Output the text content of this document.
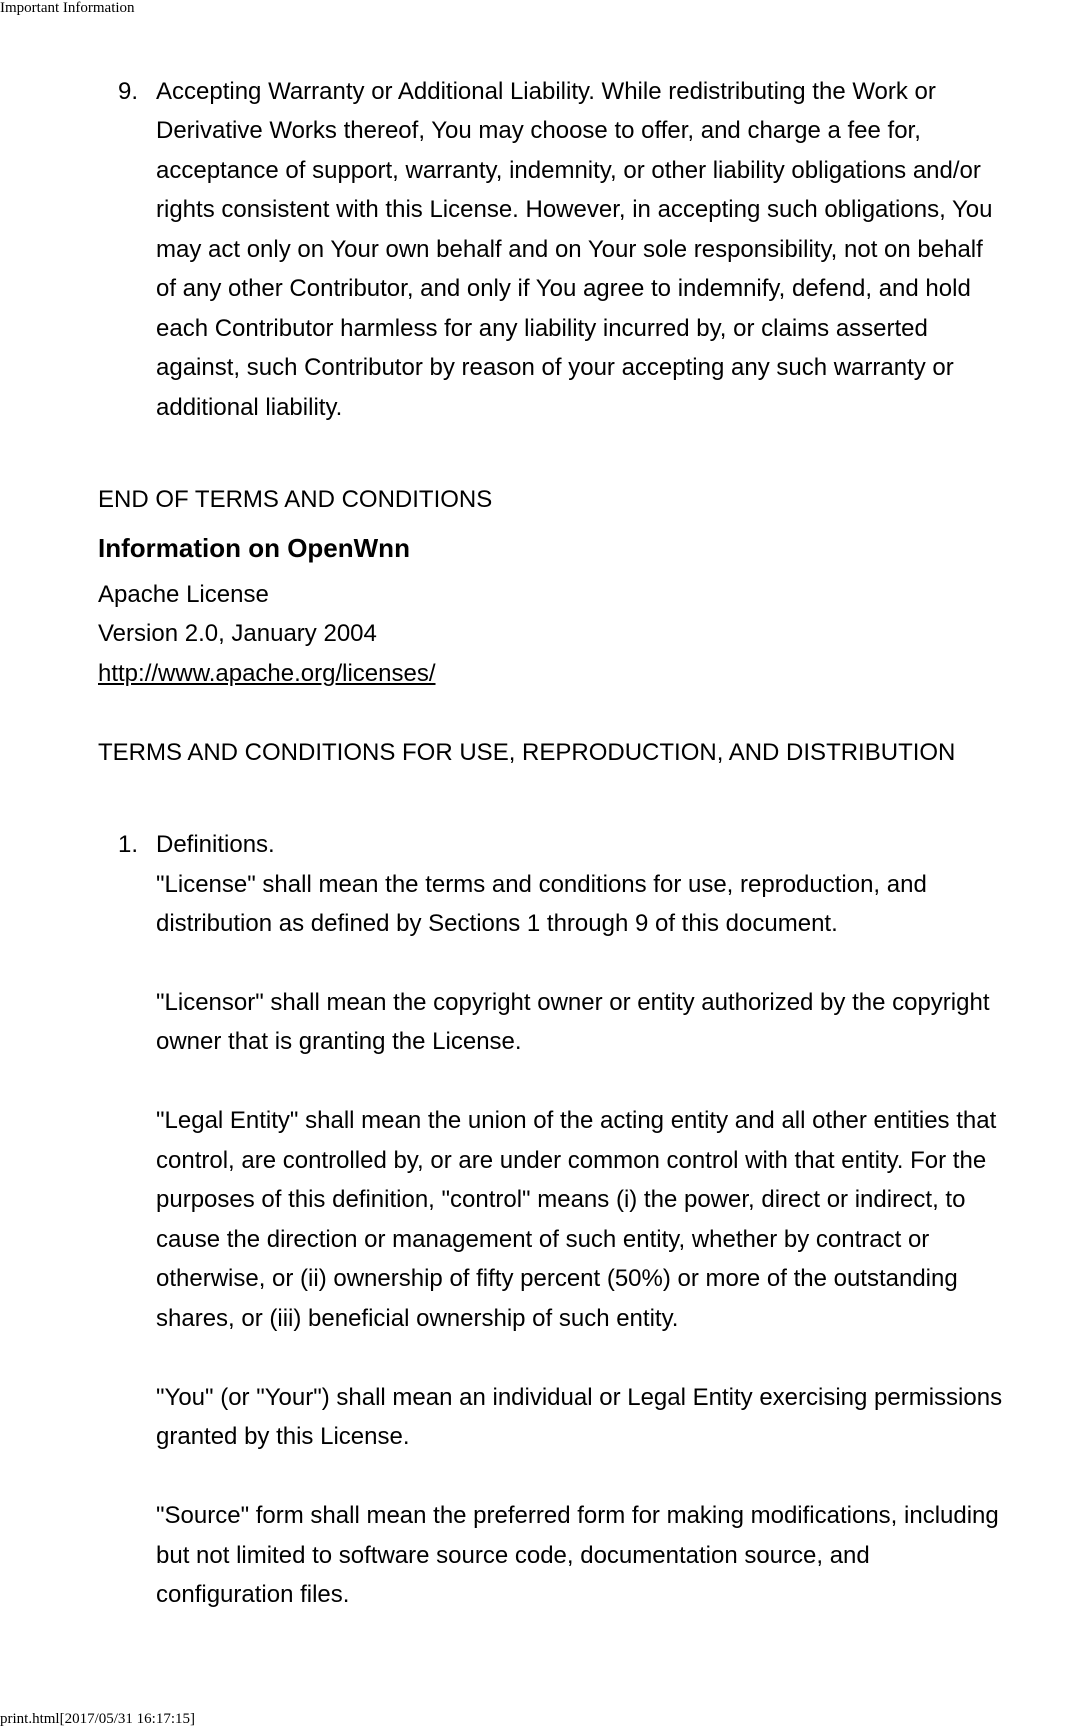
Important Information
9. Accepting Warranty or Additional Liability. While redistributing the Work or
Derivative Works thereof, You may choose to offer, and charge a fee for,
acceptance of support, warranty, indemnity, or other liability obligations and/or
rights consistent with this License. However, in accepting such obligations, You
may act only on Your own behalf and on Your sole responsibility, not on behalf
of any other Contributor, and only if You agree to indemnify, defend, and hold
each Contributor harmless for any liability incurred by, or claims asserted
against, such Contributor by reason of your accepting any such warranty or
additional liability.
END OF TERMS AND CONDITIONS
Information on OpenWnn
Apache License
Version 2.0, January 2004
http://www.apache.org/licenses/
TERMS AND CONDITIONS FOR USE, REPRODUCTION, AND DISTRIBUTION
1. Definitions.
"License" shall mean the terms and conditions for use, reproduction, and
distribution as defined by Sections 1 through 9 of this document.
"Licensor" shall mean the copyright owner or entity authorized by the copyright
owner that is granting the License.
"Legal Entity" shall mean the union of the acting entity and all other entities that
control, are controlled by, or are under common control with that entity. For the
purposes of this definition, "control" means (i) the power, direct or indirect, to
cause the direction or management of such entity, whether by contract or
otherwise, or (ii) ownership of fifty percent (50%) or more of the outstanding
shares, or (iii) beneficial ownership of such entity.
"You" (or "Your") shall mean an individual or Legal Entity exercising permissions
granted by this License.
"Source" form shall mean the preferred form for making modifications, including
but not limited to software source code, documentation source, and
configuration files.
print.html[2017/05/31 16:17:15]
